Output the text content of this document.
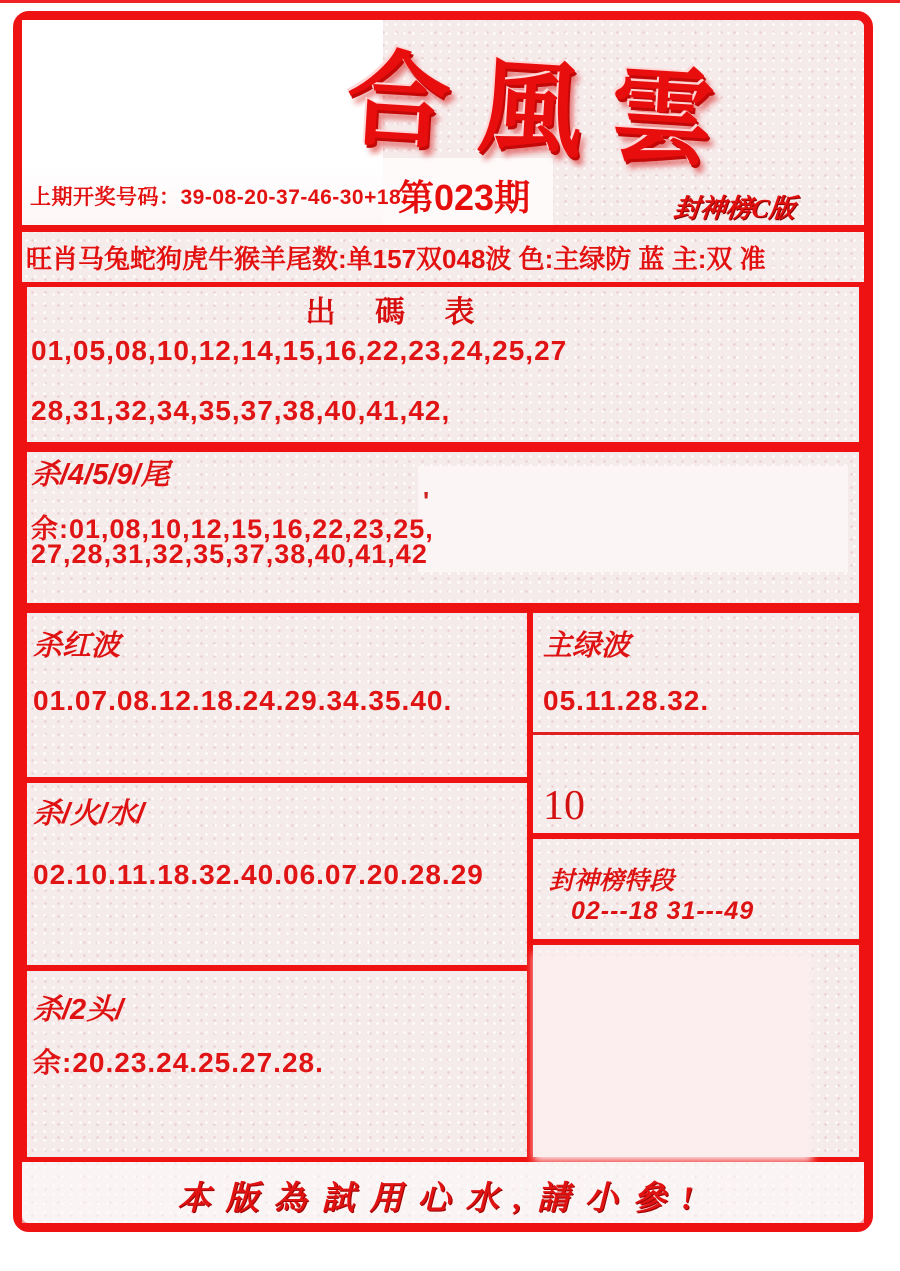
合風雲
上期开奖号码：39-08-20-37-46-30+18
第023期	封神榜C版
旺肖马兔蛇狗虎牛猴羊尾数:单157双048波 色:主绿防 蓝 主:双 准
出 碼 表
01,05,08,10,12,14,15,16,22,23,24,25,27
28,31,32,34,35,37,38,40,41,42,
'
杀/4/5/9/尾
余:01,08,10,12,15,16,22,23,25,
27,28,31,32,35,37,38,40,41,42
杀红波
01.07.08.12.18.24.29.34.35.40.
杀/火/水/
02.10.11.18.32.40.06.07.20.28.29
杀/2头/
余:20.23.24.25.27.28.
主绿波
05.11.28.32.
10
封神榜特段
02---18 31---49
本版為試用心水,請小參!
